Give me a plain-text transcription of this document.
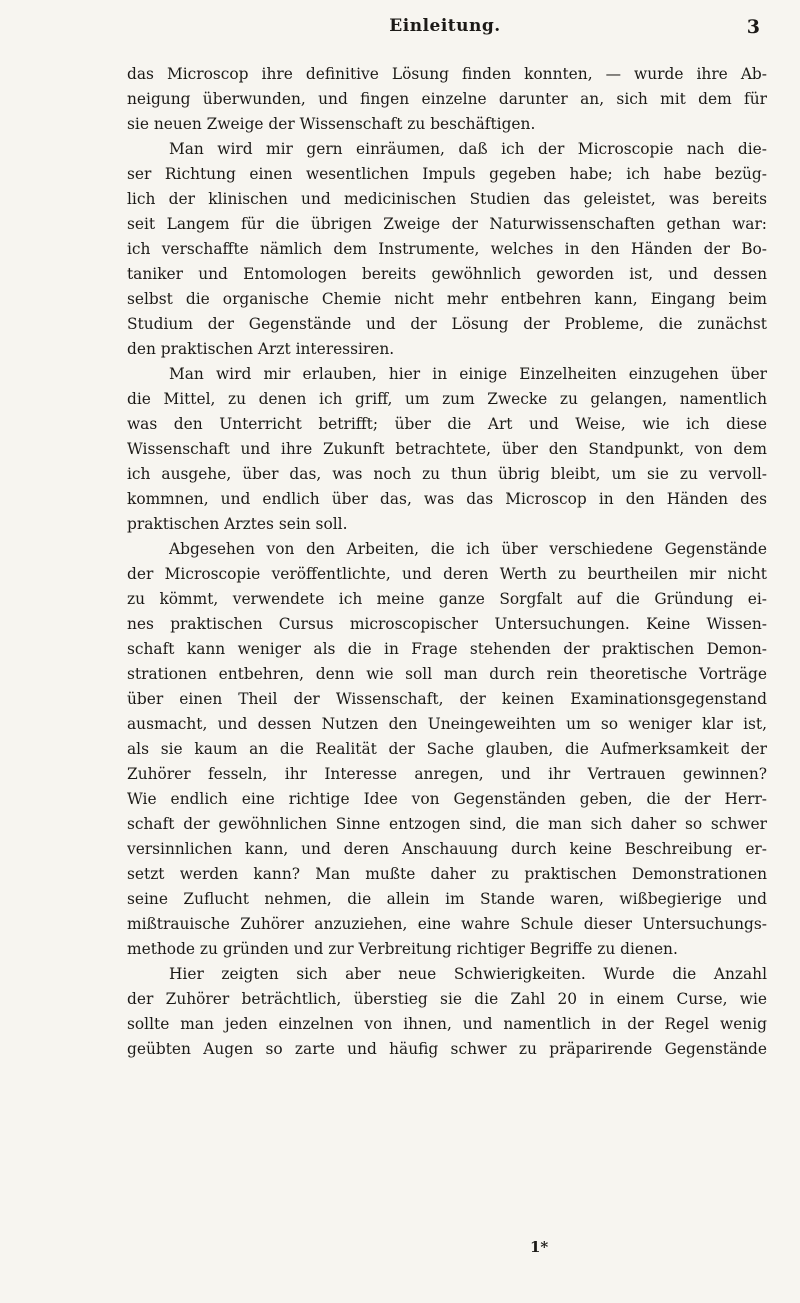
Einleitung.	3
das Microscop ihre definitive Lösung finden konnten, — wurde ihre Ab-
neigung überwunden, und fingen einzelne darunter an, sich mit dem für
sie neuen Zweige der Wissenschaft zu beschäftigen.
Man wird mir gern einräumen, daß ich der Microscopie nach die-
ser Richtung einen wesentlichen Impuls gegeben habe; ich habe bezüg-
lich der klinischen und medicinischen Studien das geleistet, was bereits
seit Langem für die übrigen Zweige der Naturwissenschaften gethan war:
ich verschaffte nämlich dem Instrumente, welches in den Händen der Bo-
taniker und Entomologen bereits gewöhnlich geworden ist, und dessen
selbst die organische Chemie nicht mehr entbehren kann, Eingang beim
Studium der Gegenstände und der Lösung der Probleme, die zunächst
den praktischen Arzt interessiren.
Man wird mir erlauben, hier in einige Einzelheiten einzugehen über
die Mittel, zu denen ich griff, um zum Zwecke zu gelangen, namentlich
was den Unterricht betrifft; über die Art und Weise, wie ich diese
Wissenschaft und ihre Zukunft betrachtete, über den Standpunkt, von dem
ich ausgehe, über das, was noch zu thun übrig bleibt, um sie zu vervoll-
kommnen, und endlich über das, was das Microscop in den Händen des
praktischen Arztes sein soll.
Abgesehen von den Arbeiten, die ich über verschiedene Gegenstände
der Microscopie veröffentlichte, und deren Werth zu beurtheilen mir nicht
zu kömmt, verwendete ich meine ganze Sorgfalt auf die Gründung ei-
nes praktischen Cursus microscopischer Untersuchungen. Keine Wissen-
schaft kann weniger als die in Frage stehenden der praktischen Demon-
strationen entbehren, denn wie soll man durch rein theoretische Vorträge
über einen Theil der Wissenschaft, der keinen Examinationsgegenstand
ausmacht, und dessen Nutzen den Uneingeweihten um so weniger klar ist,
als sie kaum an die Realität der Sache glauben, die Aufmerksamkeit der
Zuhörer fesseln, ihr Interesse anregen, und ihr Vertrauen gewinnen?
Wie endlich eine richtige Idee von Gegenständen geben, die der Herr-
schaft der gewöhnlichen Sinne entzogen sind, die man sich daher so schwer
versinnlichen kann, und deren Anschauung durch keine Beschreibung er-
setzt werden kann? Man mußte daher zu praktischen Demonstrationen
seine Zuflucht nehmen, die allein im Stande waren, wißbegierige und
mißtrauische Zuhörer anzuziehen, eine wahre Schule dieser Untersuchungs-
methode zu gründen und zur Verbreitung richtiger Begriffe zu dienen.
Hier zeigten sich aber neue Schwierigkeiten. Wurde die Anzahl
der Zuhörer beträchtlich, überstieg sie die Zahl 20 in einem Curse, wie
sollte man jeden einzelnen von ihnen, und namentlich in der Regel wenig
geübten Augen so zarte und häufig schwer zu präparirende Gegenstände
1*
